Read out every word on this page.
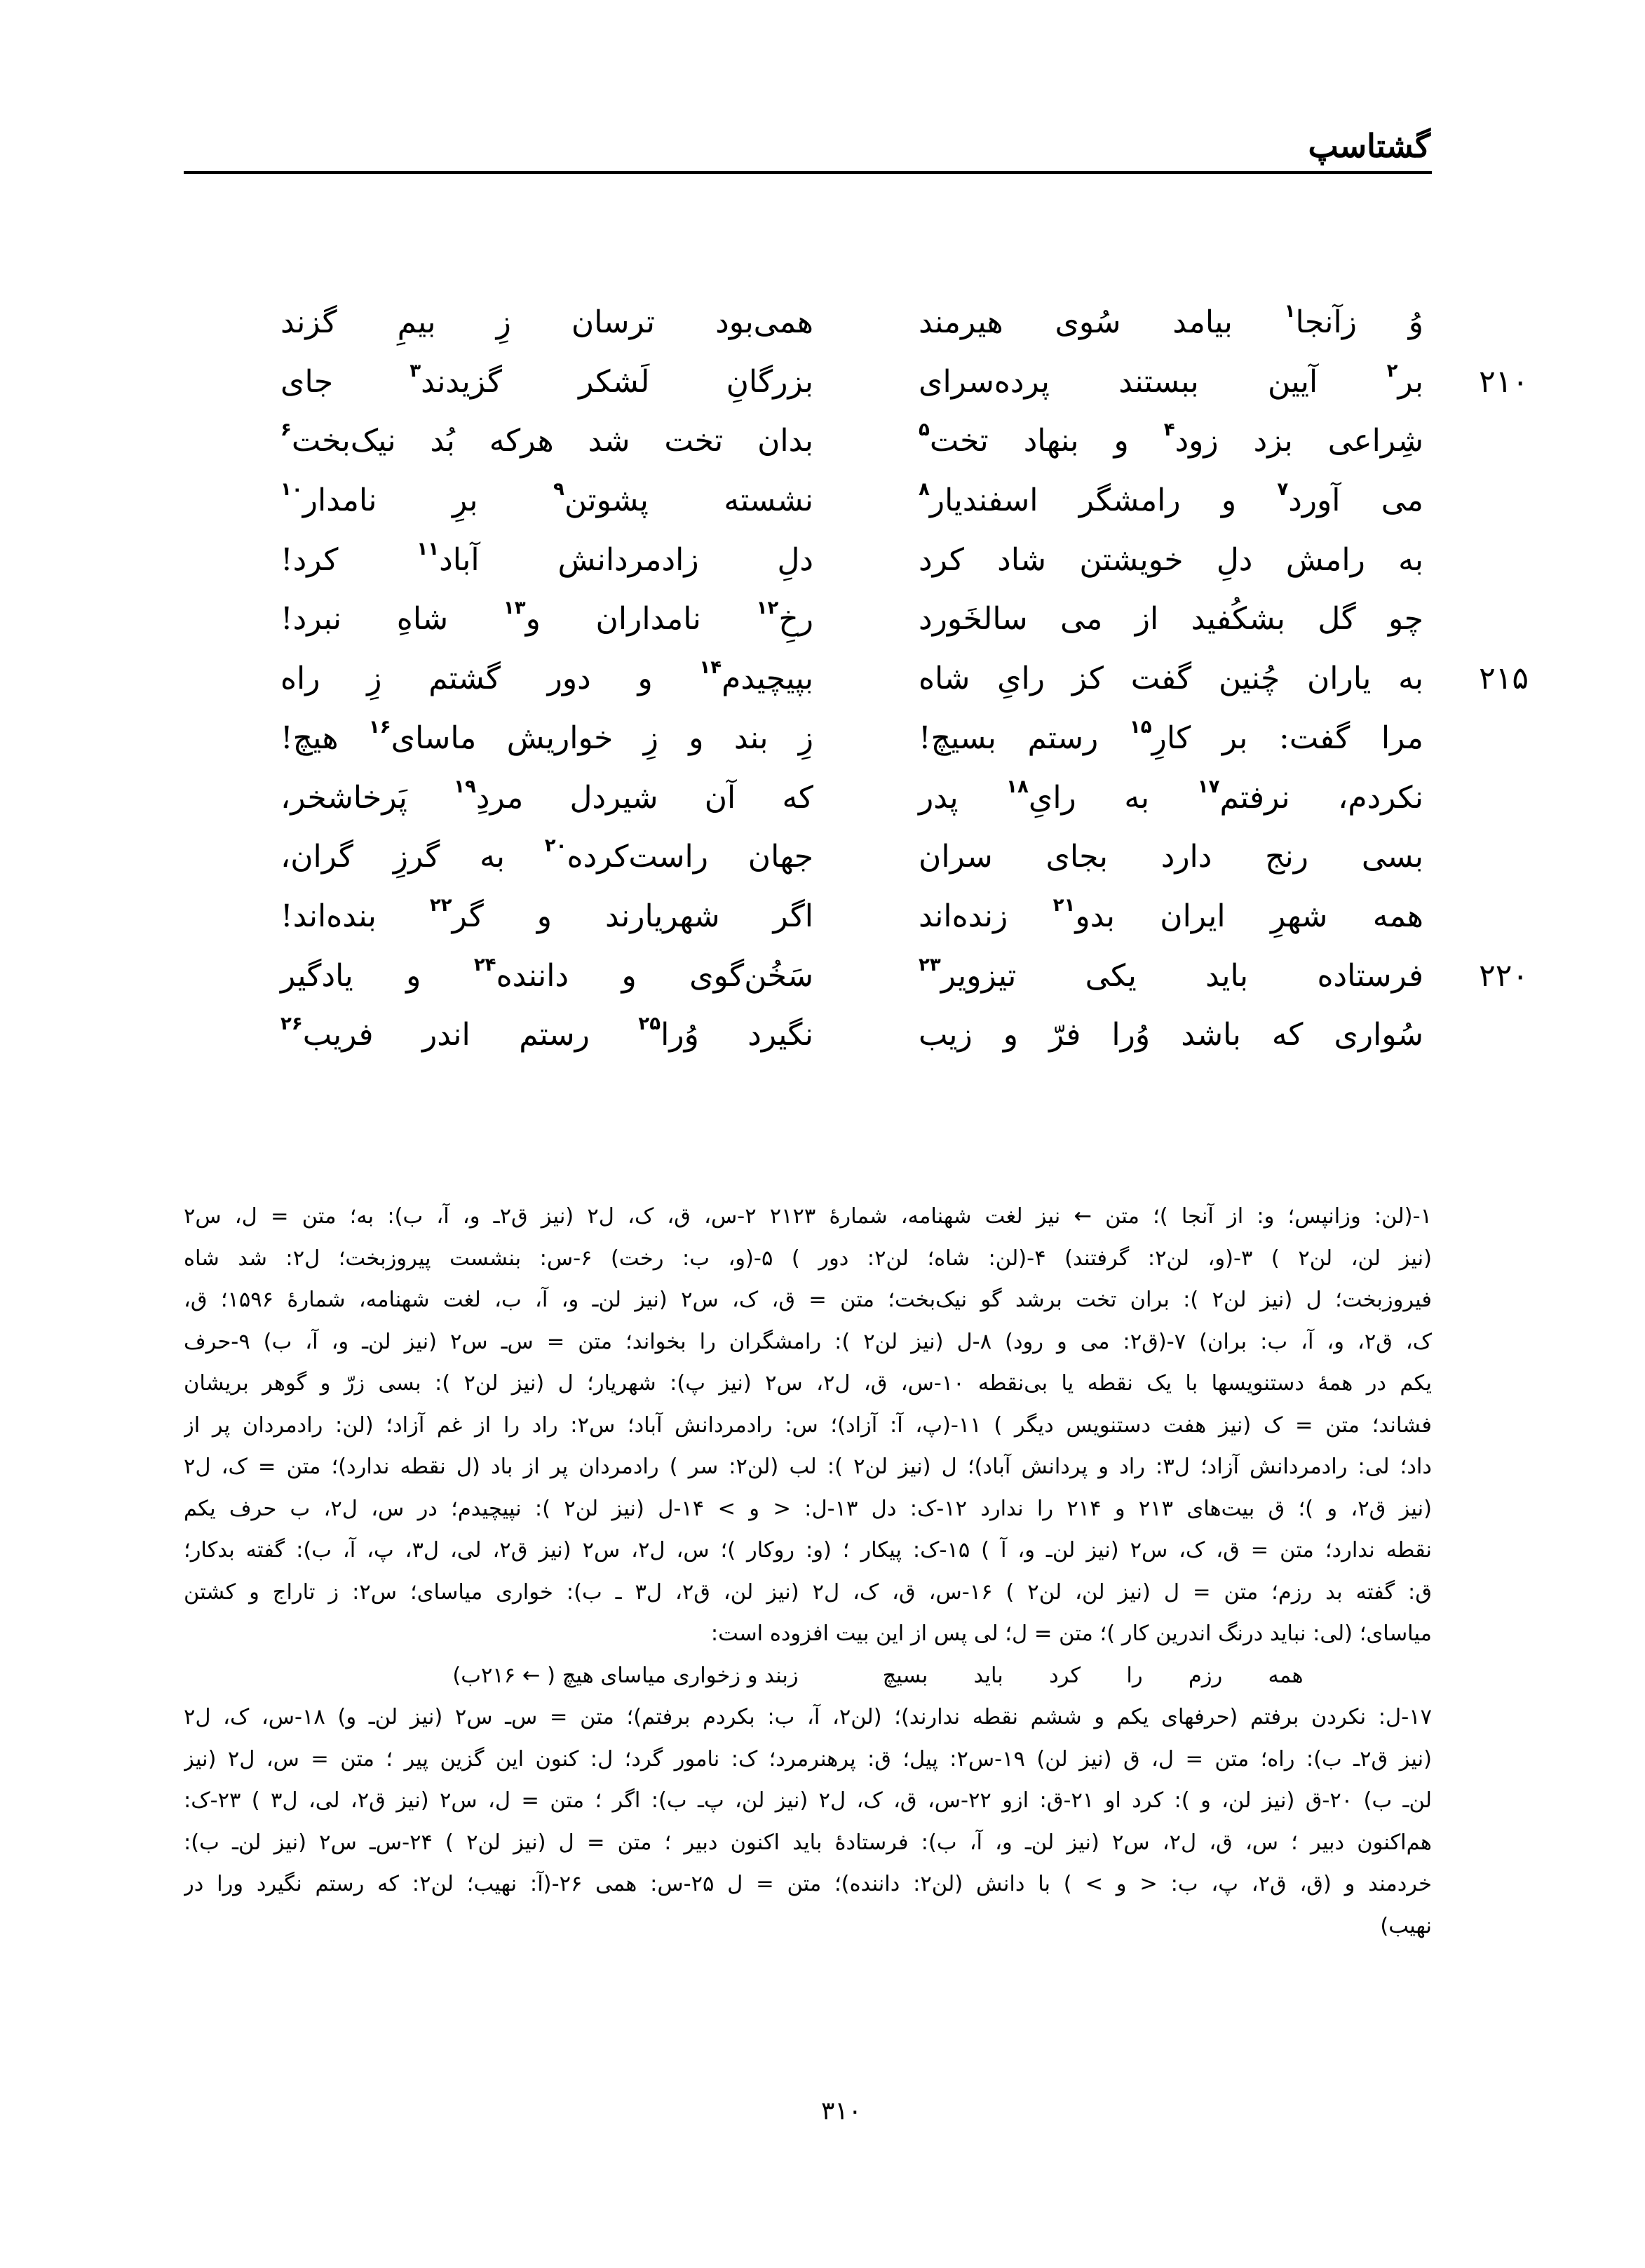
گشتاسپ
وُ زآنجا$^۱$ بیامد سُوی هیرمند
همی‌بود ترسان زِ بیمِ گزند
۲۱۰
بر$^۲$ آیین ببستند پرده‌سرای
بزرگانِ لَشکر گزیدند$^۳$ جای
شِراعی بزد زود$^۴$ و بنهاد تخت$^۵$
بدان تخت شد هرکه بُد نیک‌بخت$^۶$
می آورد$^۷$ و رامشگر اسفندیار$^۸$
نشسته پشوتن$^۹$ برِ نامدار$^{۱۰}$
به رامش دلِ خویشتن شاد کرد
دلِ زادمردانش آباد$^{۱۱}$ کرد!
چو گل بشکُفید از می سالخَورد
رخِ$^{۱۲}$ نامداران و$^{۱۳}$ شاهِ نبرد!
۲۱۵
به یاران چُنین گفت کز رایِ شاه
بپیچیدم$^{۱۴}$ و دور گشتم زِ راه
مرا گفت: بر کارِ$^{۱۵}$ رستم بسیچ!
زِ بند و زِ خواریش ماسای$^{۱۶}$ هیچ!
نکردم، نرفتم$^{۱۷}$ به رایِ$^{۱۸}$ پدر
که آن شیردل مردِ$^{۱۹}$ پَرخاشخر،
بسی رنج دارد بجای سران
جهان راست‌کرده$^{۲۰}$ به گرزِ گران،
همه شهرِ ایران بدو$^{۲۱}$ زنده‌اند
اگر شهریارند و گر$^{۲۲}$ بنده‌اند!
۲۲۰
فرستاده باید یکی تیزویر$^{۲۳}$
سَخُن‌گوی و داننده$^{۲۴}$ و یادگیر
سُواری که باشد وُرا فرّ و زیب
نگیرد وُرا$^{۲۵}$ رستم اندر فریب$^{۲۶}$
۱-(لن: وزانپس؛ و: از آنجا )؛ متن ← نیز لغت شهنامه، شمارهٔ ۲۱۲۳ ۲-س، ق، ک، ل۲ (نیز ق۲ـ و، آ، ب): به؛ متن = ل، س۲
(نیز لن، لن۲ ) ۳-(و، لن۲: گرفتند) ۴-(لن: شاه؛ لن۲: دور ) ۵-(و، ب: رخت) ۶-س: بنشست پیروزبخت؛ ل۲: شد شاه
فیروزبخت؛ ل (نیز لن۲ ): بران تخت برشد گو نیک‌بخت؛ متن = ق، ک، س۲ (نیز لن‌ـ و، آ، ب، لغت شهنامه، شمارهٔ ۱۵۹۶؛ ق،
ک، ق۲، و، آ، ب: بران) ۷-(ق۲: می و رود) ۸-ل (نیز لن۲ ): رامشگران را بخواند؛ متن = س‌ـ س۲ (نیز لن‌ـ و، آ، ب) ۹-حرف
یکم در همهٔ دستنویسها با یک نقطه یا بی‌نقطه ۱۰-س، ق، ل۲، س۲ (نیز پ): شهریار؛ ل (نیز لن۲ ): بسی زرّ و گوهر بریشان
فشاند؛ متن = ک (نیز هفت دستنویس دیگر ) ۱۱-(پ، آ: آزاد)؛ س: رادمردانش آباد؛ س۲: راد را از غم آزاد؛ (لن: رادمردان پر از
داد؛ لی: رادمردانش آزاد؛ ل۳: راد و پردانش آباد)؛ ل (نیز لن۲ ): لب (لن۲: سر ) رادمردان پر از باد (ل نقطه ندارد)؛ متن = ک، ل۲
(نیز ق۲، و )؛ ق بیت‌های ۲۱۳ و ۲۱۴ را ندارد ۱۲-ک: دل ۱۳-ل: < و > ۱۴-ل (نیز لن۲ ): نپیچیدم؛ در س، ل۲، ب حرف یکم
نقطه ندارد؛ متن = ق، ک، س۲ (نیز لن‌ـ و، آ ) ۱۵-ک: پیکار ؛ (و: روکار )؛ س، ل۲، س۲ (نیز ق۲، لی، ل۳، پ، آ، ب): گفته بدکار؛
ق: گفته بد رزم؛ متن = ل (نیز لن، لن۲ ) ۱۶-س، ق، ک، ل۲ (نیز لن، ق۲، ل۳ ـ ب): خواری میاسای؛ س۲: ز تاراج و کشتن
میاسای؛ (لی: نباید درنگ اندرین کار )؛ متن = ل؛ لی پس از این بیت افزوده است:
همه رزم را کرد باید بسیچزبند و زخواری میاسای هیچ ( ← ۲۱۶ب)
۱۷-ل: نکردن برفتم (حرفهای یکم و ششم نقطه ندارند)؛ (لن۲، آ، ب: بکردم برفتم)؛ متن = س‌ـ س۲ (نیز لن‌ـ و) ۱۸-س، ک، ل۲
(نیز ق۲ـ ب): راه؛ متن = ل، ق (نیز لن) ۱۹-س۲: پیل؛ ق: پرهنرمرد؛ ک: نامور گرد؛ ل: کنون این گزین پیر ؛ متن = س، ل۲ (نیز
لن‌ـ ب) ۲۰-ق (نیز لن، و ): کرد او ۲۱-ق: ازو ۲۲-س، ق، ک، ل۲ (نیز لن، پ‌ـ ب): اگر ؛ متن = ل، س۲ (نیز ق۲، لی، ل۳ ) ۲۳-ک:
هم‌اکنون دبیر ؛ س، ق، ل۲، س۲ (نیز لن‌ـ و، آ، ب): فرستادهٔ باید اکنون دبیر ؛ متن = ل (نیز لن۲ ) ۲۴-س‌ـ س۲ (نیز لن‌ـ ب):
خردمند و (ق، ق۲، پ، ب: < و > ) با دانش (لن۲: داننده)؛ متن = ل ۲۵-س: همی ۲۶-(آ: نهیب؛ لن۲: که رستم نگیرد ورا در
نهیب)
۳۱۰
